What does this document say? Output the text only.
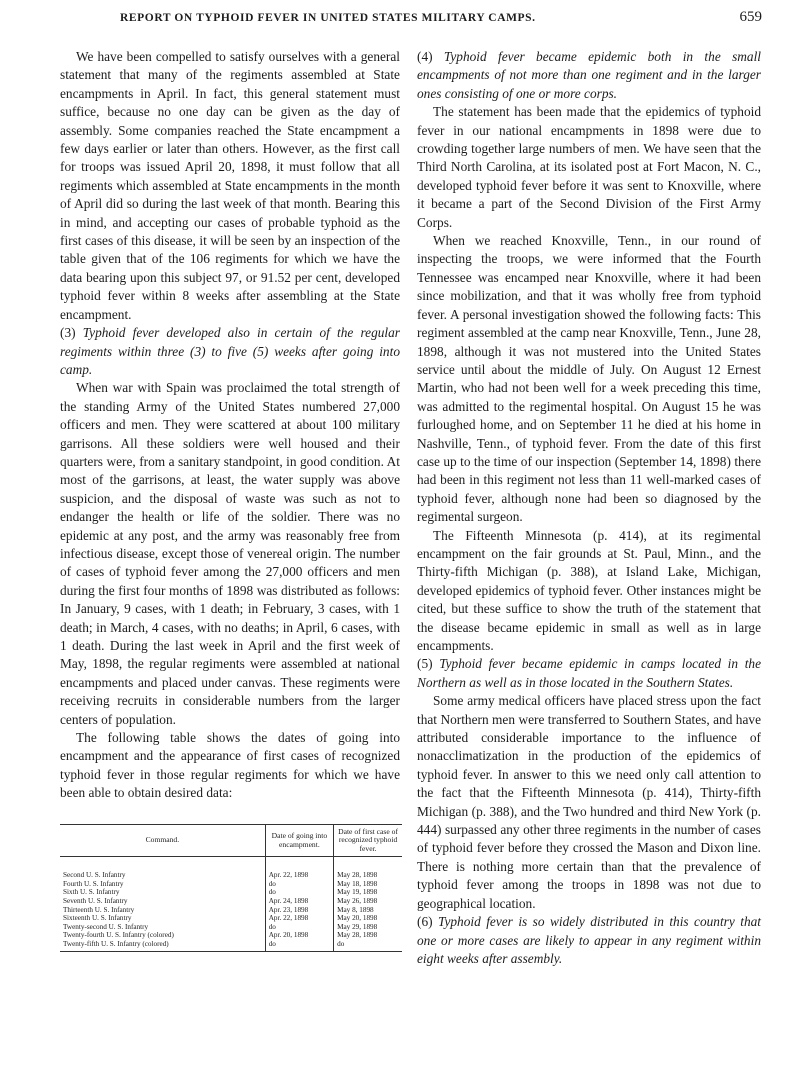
REPORT ON TYPHOID FEVER IN UNITED STATES MILITARY CAMPS.	659

We have been compelled to satisfy ourselves with a general statement that many of the regiments assembled at State encampments in April. In fact, this general statement must suffice, because no one day can be given as the day of assembly. Some companies reached the State encampment a few days earlier or later than others. However, as the first call for troops was issued April 20, 1898, it must follow that all regiments which assembled at State encampments in the month of April did so during the last week of that month. Bearing this in mind, and accepting our cases of probable typhoid as the first cases of this disease, it will be seen by an inspection of the table given that of the 106 regiments for which we have the data bearing upon this subject 97, or 91.52 per cent, developed typhoid fever within 8 weeks after assembling at the State encampment.

(3) Typhoid fever developed also in certain of the regular regiments within three (3) to five (5) weeks after going into camp.

When war with Spain was proclaimed the total strength of the standing Army of the United States numbered 27,000 officers and men. They were scattered at about 100 military garrisons. All these soldiers were well housed and their quarters were, from a sanitary standpoint, in good condition. At most of the garrisons, at least, the water supply was above suspicion, and the disposal of waste was such as not to endanger the health or life of the soldier. There was no epidemic at any post, and the army was reasonably free from infectious disease, except those of venereal origin. The number of cases of typhoid fever among the 27,000 officers and men during the first four months of 1898 was distributed as follows: In January, 9 cases, with 1 death; in February, 3 cases, with 1 death; in March, 4 cases, with no deaths; in April, 6 cases, with 1 death. During the last week in April and the first week of May, 1898, the regular regiments were assembled at national encampments and placed under canvas. These regiments were receiving recruits in considerable numbers from the larger centers of population.

The following table shows the dates of going into encampment and the appearance of first cases of recognized typhoid fever in those regular regiments for which we have been able to obtain desired data:

Command.	Date of going into encampment.	Date of first case of recognized typhoid fever.

Second U. S. Infantry	Apr. 22, 1898	May 28, 1898
Fourth U. S. Infantry	do	May 18, 1898
Sixth U. S. Infantry	do	May 19, 1898
Seventh U. S. Infantry	Apr. 24, 1898	May 26, 1898
Thirteenth U. S. Infantry	Apr. 23, 1898	May 8, 1898
Sixteenth U. S. Infantry	Apr. 22, 1898	May 20, 1898
Twenty-second U. S. Infantry	do	May 29, 1898
Twenty-fourth U. S. Infantry (colored)	Apr. 20, 1898	May 28, 1898
Twenty-fifth U. S. Infantry (colored)	do	do

(4) Typhoid fever became epidemic both in the small encampments of not more than one regiment and in the larger ones consisting of one or more corps.

The statement has been made that the epidemics of typhoid fever in our national encampments in 1898 were due to crowding together large numbers of men. We have seen that the Third North Carolina, at its isolated post at Fort Macon, N. C., developed typhoid fever before it was sent to Knoxville, where it became a part of the Second Division of the First Army Corps.

When we reached Knoxville, Tenn., in our round of inspecting the troops, we were informed that the Fourth Tennessee was encamped near Knoxville, where it had been since mobilization, and that it was wholly free from typhoid fever. A personal investigation showed the following facts: This regiment assembled at the camp near Knoxville, Tenn., June 28, 1898, although it was not mustered into the United States service until about the middle of July. On August 12 Ernest Martin, who had not been well for a week preceding this time, was admitted to the regimental hospital. On August 15 he was furloughed home, and on September 11 he died at his home in Nashville, Tenn., of typhoid fever. From the date of this first case up to the time of our inspection (September 14, 1898) there had been in this regiment not less than 11 well-marked cases of typhoid fever, although none had been so diagnosed by the regimental surgeon.

The Fifteenth Minnesota (p. 414), at its regimental encampment on the fair grounds at St. Paul, Minn., and the Thirty-fifth Michigan (p. 388), at Island Lake, Michigan, developed epidemics of typhoid fever. Other instances might be cited, but these suffice to show the truth of the statement that the disease became epidemic in small as well as in large encampments.

(5) Typhoid fever became epidemic in camps located in the Northern as well as in those located in the Southern States.

Some army medical officers have placed stress upon the fact that Northern men were transferred to Southern States, and have attributed considerable importance to the influence of nonacclimatization in the production of the epidemics of typhoid fever. In answer to this we need only call attention to the fact that the Fifteenth Minnesota (p. 414), Thirty-fifth Michigan (p. 388), and the Two hundred and third New York (p. 444) surpassed any other three regiments in the number of cases of typhoid fever before they crossed the Mason and Dixon line. There is nothing more certain than that the prevalence of typhoid fever among the troops in 1898 was not due to geographical location.

(6) Typhoid fever is so widely distributed in this country that one or more cases are likely to appear in any regiment within eight weeks after assembly.
